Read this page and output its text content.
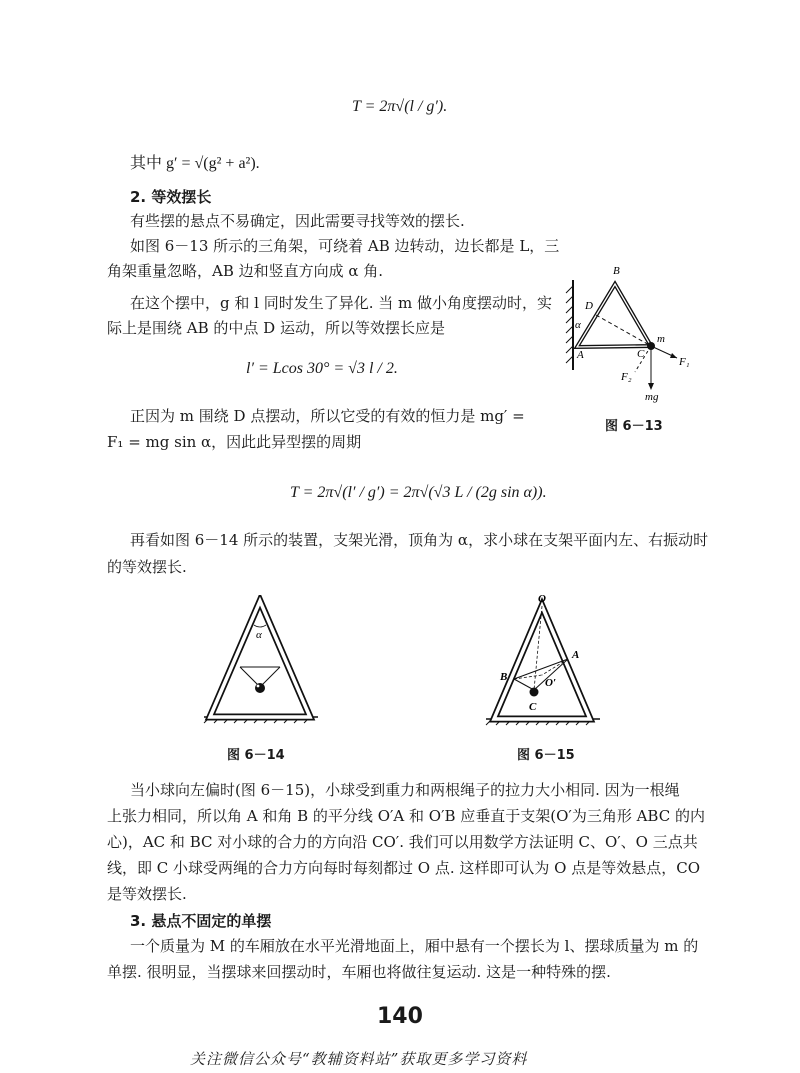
T = 2π√(l / g′).
其中 g′ = √(g² + a²).
2. 等效摆长
有些摆的悬点不易确定，因此需要寻找等效的摆长.
如图 6－13 所示的三角架，可绕着 AB 边转动，边长都是 L，三
角架重量忽略，AB 边和竖直方向成 α 角.
在这个摆中，g 和 l 同时发生了异化. 当 m 做小角度摆动时，实
际上是围绕 AB 的中点 D 运动，所以等效摆长应是
l′ = Lcos 30° = √3 l / 2.
正因为 m 围绕 D 点摆动，所以它受的有效的恒力是 mg′ =
F₁ = mg sin α，因此此异型摆的周期
T = 2π√(l′ / g′) = 2π√(√3 L / (2g sin α)).
再看如图 6－14 所示的装置，支架光滑，顶角为 α，求小球在支架平面内左、右振动时
的等效摆长.
B
D
α
A	C
m
F₁
F₂
mg
图 6－13
α
图 6－14
O
A
B	O′
C
图 6－15
当小球向左偏时(图 6－15)，小球受到重力和两根绳子的拉力大小相同. 因为一根绳
上张力相同，所以角 A 和角 B 的平分线 O′A 和 O′B 应垂直于支架(O′为三角形 ABC 的内
心)，AC 和 BC 对小球的合力的方向沿 CO′. 我们可以用数学方法证明 C、O′、O 三点共
线，即 C 小球受两绳的合力方向每时每刻都过 O 点. 这样即可认为 O 点是等效悬点，CO
是等效摆长.
3. 悬点不固定的单摆
一个质量为 M 的车厢放在水平光滑地面上，厢中悬有一个摆长为 l、摆球质量为 m 的
单摆. 很明显，当摆球来回摆动时，车厢也将做往复运动. 这是一种特殊的摆.
140
关注微信公众号“教辅资料站”获取更多学习资料
